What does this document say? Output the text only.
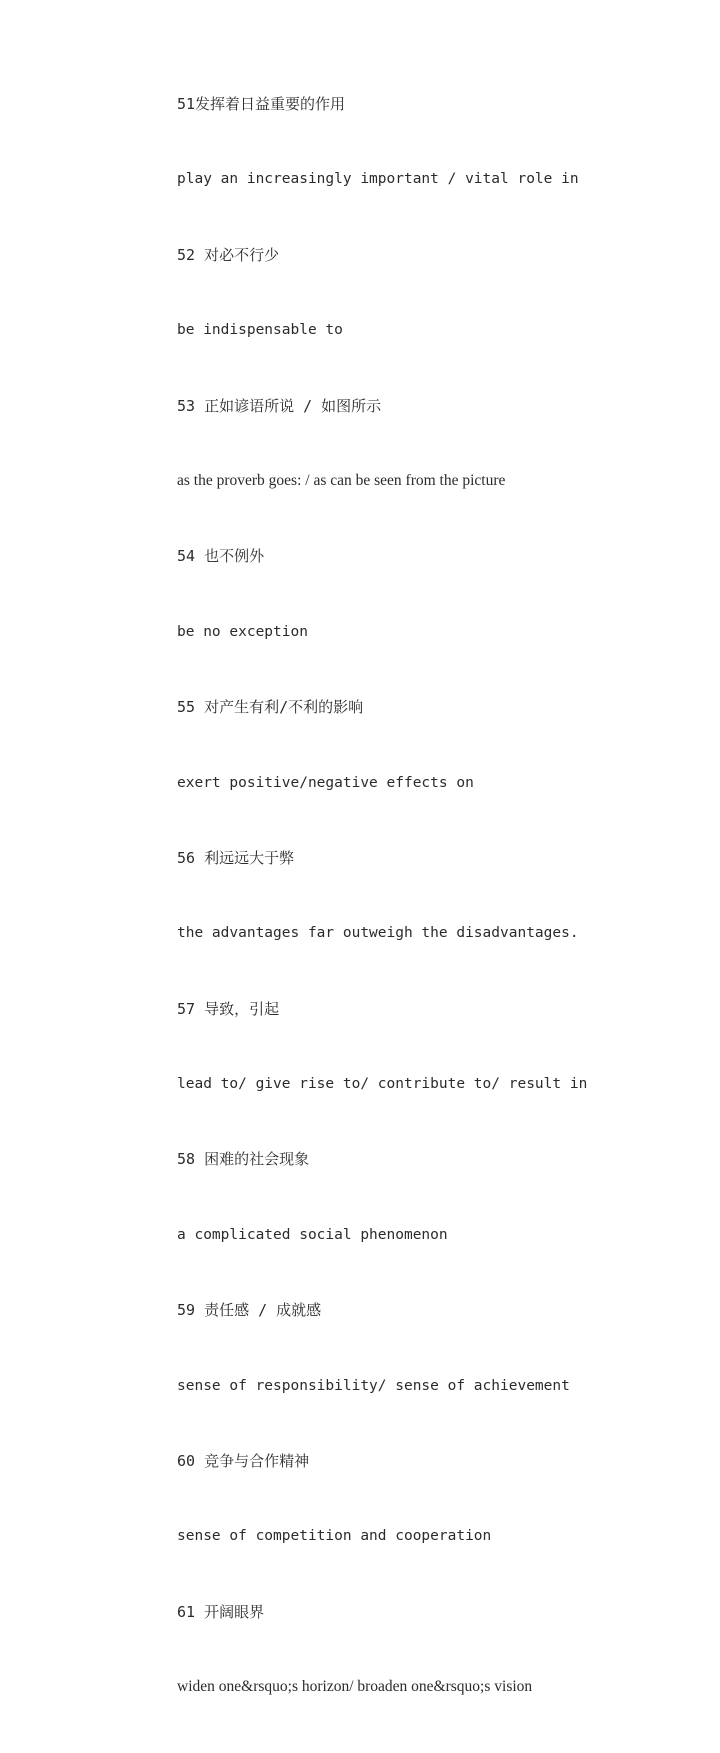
51发挥着日益重要的作用
play an increasingly important / vital role in
52 对必不行少
be indispensable to
53 正如谚语所说 / 如图所示
as the proverb goes: / as can be seen from the picture
54 也不例外
be no exception
55 对产生有利/不利的影响
exert positive/negative effects on
56 利远远大于弊
the advantages far outweigh the disadvantages.
57 导致，引起
lead to/ give rise to/ contribute to/ result in
58 困难的社会现象
a complicated social phenomenon
59 责任感 / 成就感
sense of responsibility/ sense of achievement
60 竞争与合作精神
sense of competition and cooperation
61 开阔眼界
widen one&rsquo;s horizon/ broaden one&rsquo;s vision
